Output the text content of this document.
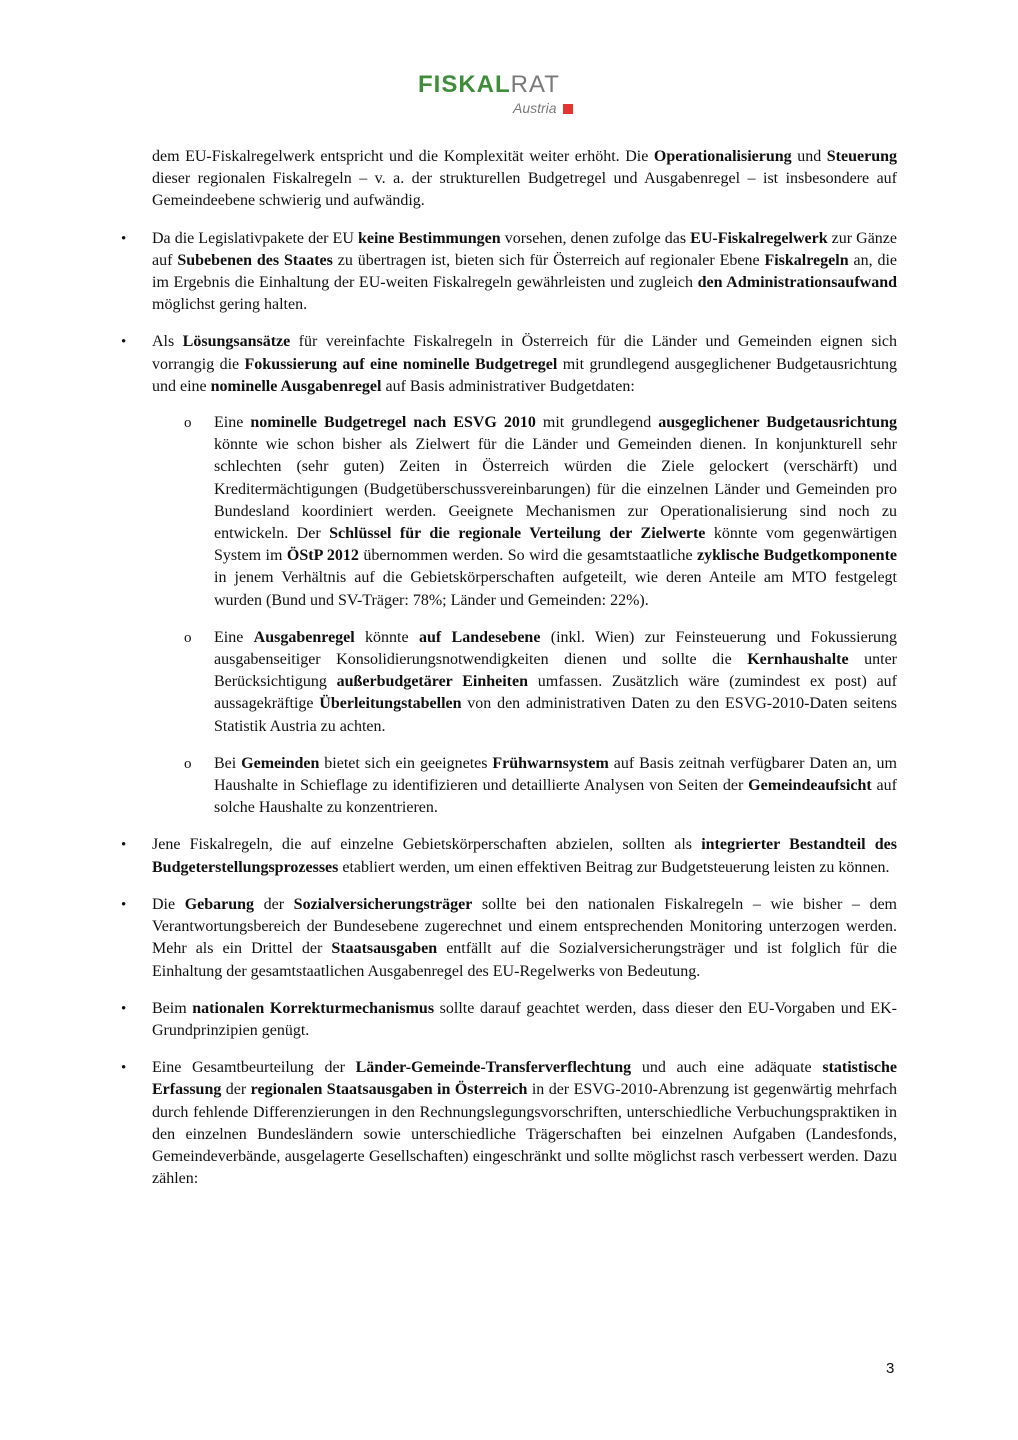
FISKALRAT
Austria

dem EU-Fiskalregelwerk entspricht und die Komplexität weiter erhöht. Die Operationalisierung und Steuerung dieser regionalen Fiskalregeln – v. a. der strukturellen Budgetregel und Ausgabenregel – ist insbesondere auf Gemeindeebene schwierig und aufwändig.

• Da die Legislativpakete der EU keine Bestimmungen vorsehen, denen zufolge das EU-Fiskalregelwerk zur Gänze auf Subebenen des Staates zu übertragen ist, bieten sich für Österreich auf regionaler Ebene Fiskalregeln an, die im Ergebnis die Einhaltung der EU-weiten Fiskalregeln gewährleisten und zugleich den Administrationsaufwand möglichst gering halten.
• Als Lösungsansätze für vereinfachte Fiskalregeln in Österreich für die Länder und Gemeinden eignen sich vorrangig die Fokussierung auf eine nominelle Budgetregel mit grundlegend ausgeglichener Budgetausrichtung und eine nominelle Ausgabenregel auf Basis administrativer Budgetdaten:
o Eine nominelle Budgetregel nach ESVG 2010 mit grundlegend ausgeglichener Budgetausrichtung könnte wie schon bisher als Zielwert für die Länder und Gemeinden dienen. In konjunkturell sehr schlechten (sehr guten) Zeiten in Österreich würden die Ziele gelockert (verschärft) und Kreditermächtigungen (Budgetüberschussvereinbarungen) für die einzelnen Länder und Gemeinden pro Bundesland koordiniert werden. Geeignete Mechanismen zur Operationalisierung sind noch zu entwickeln. Der Schlüssel für die regionale Verteilung der Zielwerte könnte vom gegenwärtigen System im ÖStP 2012 übernommen werden. So wird die gesamtstaatliche zyklische Budgetkomponente in jenem Verhältnis auf die Gebietskörperschaften aufgeteilt, wie deren Anteile am MTO festgelegt wurden (Bund und SV-Träger: 78%; Länder und Gemeinden: 22%).
o Eine Ausgabenregel könnte auf Landesebene (inkl. Wien) zur Feinsteuerung und Fokussierung ausgabenseitiger Konsolidierungsnotwendigkeiten dienen und sollte die Kernhaushalte unter Berücksichtigung außerbudgetärer Einheiten umfassen. Zusätzlich wäre (zumindest ex post) auf aussagekräftige Überleitungstabellen von den administrativen Daten zu den ESVG-2010-Daten seitens Statistik Austria zu achten.
o Bei Gemeinden bietet sich ein geeignetes Frühwarnsystem auf Basis zeitnah verfügbarer Daten an, um Haushalte in Schieflage zu identifizieren und detaillierte Analysen von Seiten der Gemeindeaufsicht auf solche Haushalte zu konzentrieren.
• Jene Fiskalregeln, die auf einzelne Gebietskörperschaften abzielen, sollten als integrierter Bestandteil des Budgeterstellungsprozesses etabliert werden, um einen effektiven Beitrag zur Budgetsteuerung leisten zu können.
• Die Gebarung der Sozialversicherungsträger sollte bei den nationalen Fiskalregeln – wie bisher – dem Verantwortungsbereich der Bundesebene zugerechnet und einem entsprechenden Monitoring unterzogen werden. Mehr als ein Drittel der Staatsausgaben entfällt auf die Sozialversicherungsträger und ist folglich für die Einhaltung der gesamtstaatlichen Ausgabenregel des EU-Regelwerks von Bedeutung.
• Beim nationalen Korrekturmechanismus sollte darauf geachtet werden, dass dieser den EU-Vorgaben und EK-Grundprinzipien genügt.
• Eine Gesamtbeurteilung der Länder-Gemeinde-Transferverflechtung und auch eine adäquate statistische Erfassung der regionalen Staatsausgaben in Österreich in der ESVG-2010-Abrenzung ist gegenwärtig mehrfach durch fehlende Differenzierungen in den Rechnungslegungsvorschriften, unterschiedliche Verbuchungspraktiken in den einzelnen Bundesländern sowie unterschiedliche Trägerschaften bei einzelnen Aufgaben (Landesfonds, Gemeindeverbände, ausgelagerte Gesellschaften) eingeschränkt und sollte möglichst rasch verbessert werden. Dazu zählen:
3
